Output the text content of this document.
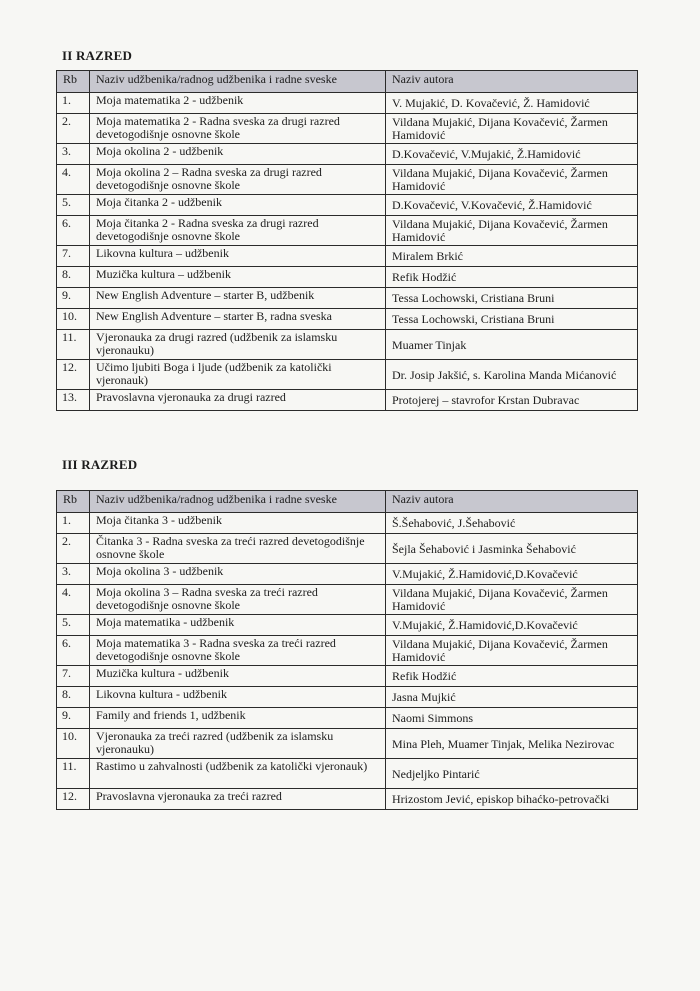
II RAZRED
Rb	Naziv udžbenika/radnog udžbenika i radne sveske	Naziv autora
1.	Moja matematika 2 - udžbenik	V. Mujakić, D. Kovačević, Ž. Hamidović
2.	Moja matematika 2 - Radna sveska za drugi razred devetogodišnje osnovne škole	Vildana Mujakić, Dijana Kovačević, Žarmen Hamidović
3.	Moja okolina 2 - udžbenik	D.Kovačević, V.Mujakić, Ž.Hamidović
4.	Moja okolina 2 – Radna sveska za drugi razred devetogodišnje osnovne škole	Vildana Mujakić, Dijana Kovačević, Žarmen Hamidović
5.	Moja čitanka 2 - udžbenik	D.Kovačević, V.Kovačević, Ž.Hamidović
6.	Moja čitanka 2 - Radna sveska za drugi razred devetogodišnje osnovne škole	Vildana Mujakić, Dijana Kovačević, Žarmen Hamidović
7.	Likovna kultura – udžbenik	Miralem Brkić
8.	Muzička kultura – udžbenik	Refik Hodžić
9.	New English Adventure – starter B, udžbenik	Tessa Lochowski, Cristiana Bruni
10.	New English Adventure – starter B, radna sveska	Tessa Lochowski, Cristiana Bruni
11.	Vjeronauka za drugi razred (udžbenik za islamsku vjeronauku)	Muamer Tinjak
12.	Učimo ljubiti Boga i ljude (udžbenik za katolički vjeronauk)	Dr. Josip Jakšić, s. Karolina Manda Mićanović
13.	Pravoslavna vjeronauka za drugi razred	Protojerej – stavrofor Krstan Dubravac
III RAZRED
Rb	Naziv udžbenika/radnog udžbenika i radne sveske	Naziv autora
1.	Moja čitanka 3 - udžbenik	Š.Šehabović, J.Šehabović
2.	Čitanka 3 - Radna sveska za treći razred devetogodišnje osnovne škole	Šejla Šehabović i Jasminka Šehabović
3.	Moja okolina 3 - udžbenik	V.Mujakić, Ž.Hamidović,D.Kovačević
4.	Moja okolina 3 – Radna sveska za treći razred devetogodišnje osnovne škole	Vildana Mujakić, Dijana Kovačević, Žarmen Hamidović
5.	Moja matematika - udžbenik	V.Mujakić, Ž.Hamidović,D.Kovačević
6.	Moja matematika 3 - Radna sveska za treći razred devetogodišnje osnovne škole	Vildana Mujakić, Dijana Kovačević, Žarmen Hamidović
7.	Muzička kultura - udžbenik	Refik Hodžić
8.	Likovna kultura - udžbenik	Jasna Mujkić
9.	Family and friends 1, udžbenik	Naomi Simmons
10.	Vjeronauka za treći razred (udžbenik za islamsku vjeronauku)	Mina Pleh, Muamer Tinjak, Melika Nezirovac
11.	Rastimo u zahvalnosti (udžbenik za katolički vjeronauk)	Nedjeljko Pintarić
12.	Pravoslavna vjeronauka za treći razred	Hrizostom Jević, episkop bihaćko-petrovački
